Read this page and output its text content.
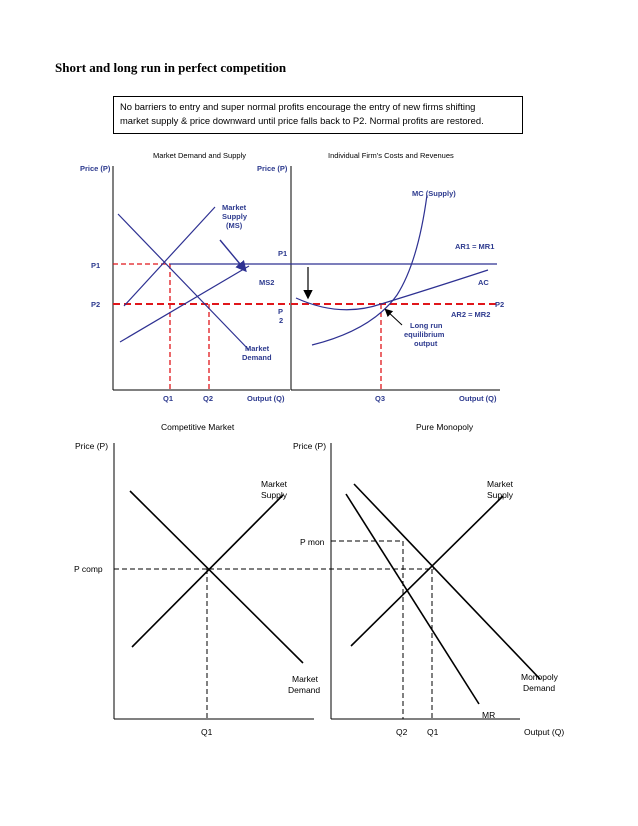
Short and long run in perfect competition
No barriers to entry and super normal profits encourage the entry of new firms shifting
market supply & price downward until price falls back to P2. Normal profits are restored.
Market Demand and Supply
Price (P)
P1
P2
Q1	Q2	Output (Q)
Market
Supply
(MS)
MS2
Market
Demand
Individual Firm’s Costs and Revenues
Price (P)
P1
P
2
P2
MC (Supply)
AR1 = MR1
AC
AR2 = MR2
Long run
equilibrium
output
Q3	Output (Q)
Competitive Market
Price (P)
P comp
Market
Supply
Market
Demand
Q1
Pure Monopoly
Price (P)
P mon
Market
Supply
Monopoly
Demand
MR
Q2 Q1	Output (Q)
